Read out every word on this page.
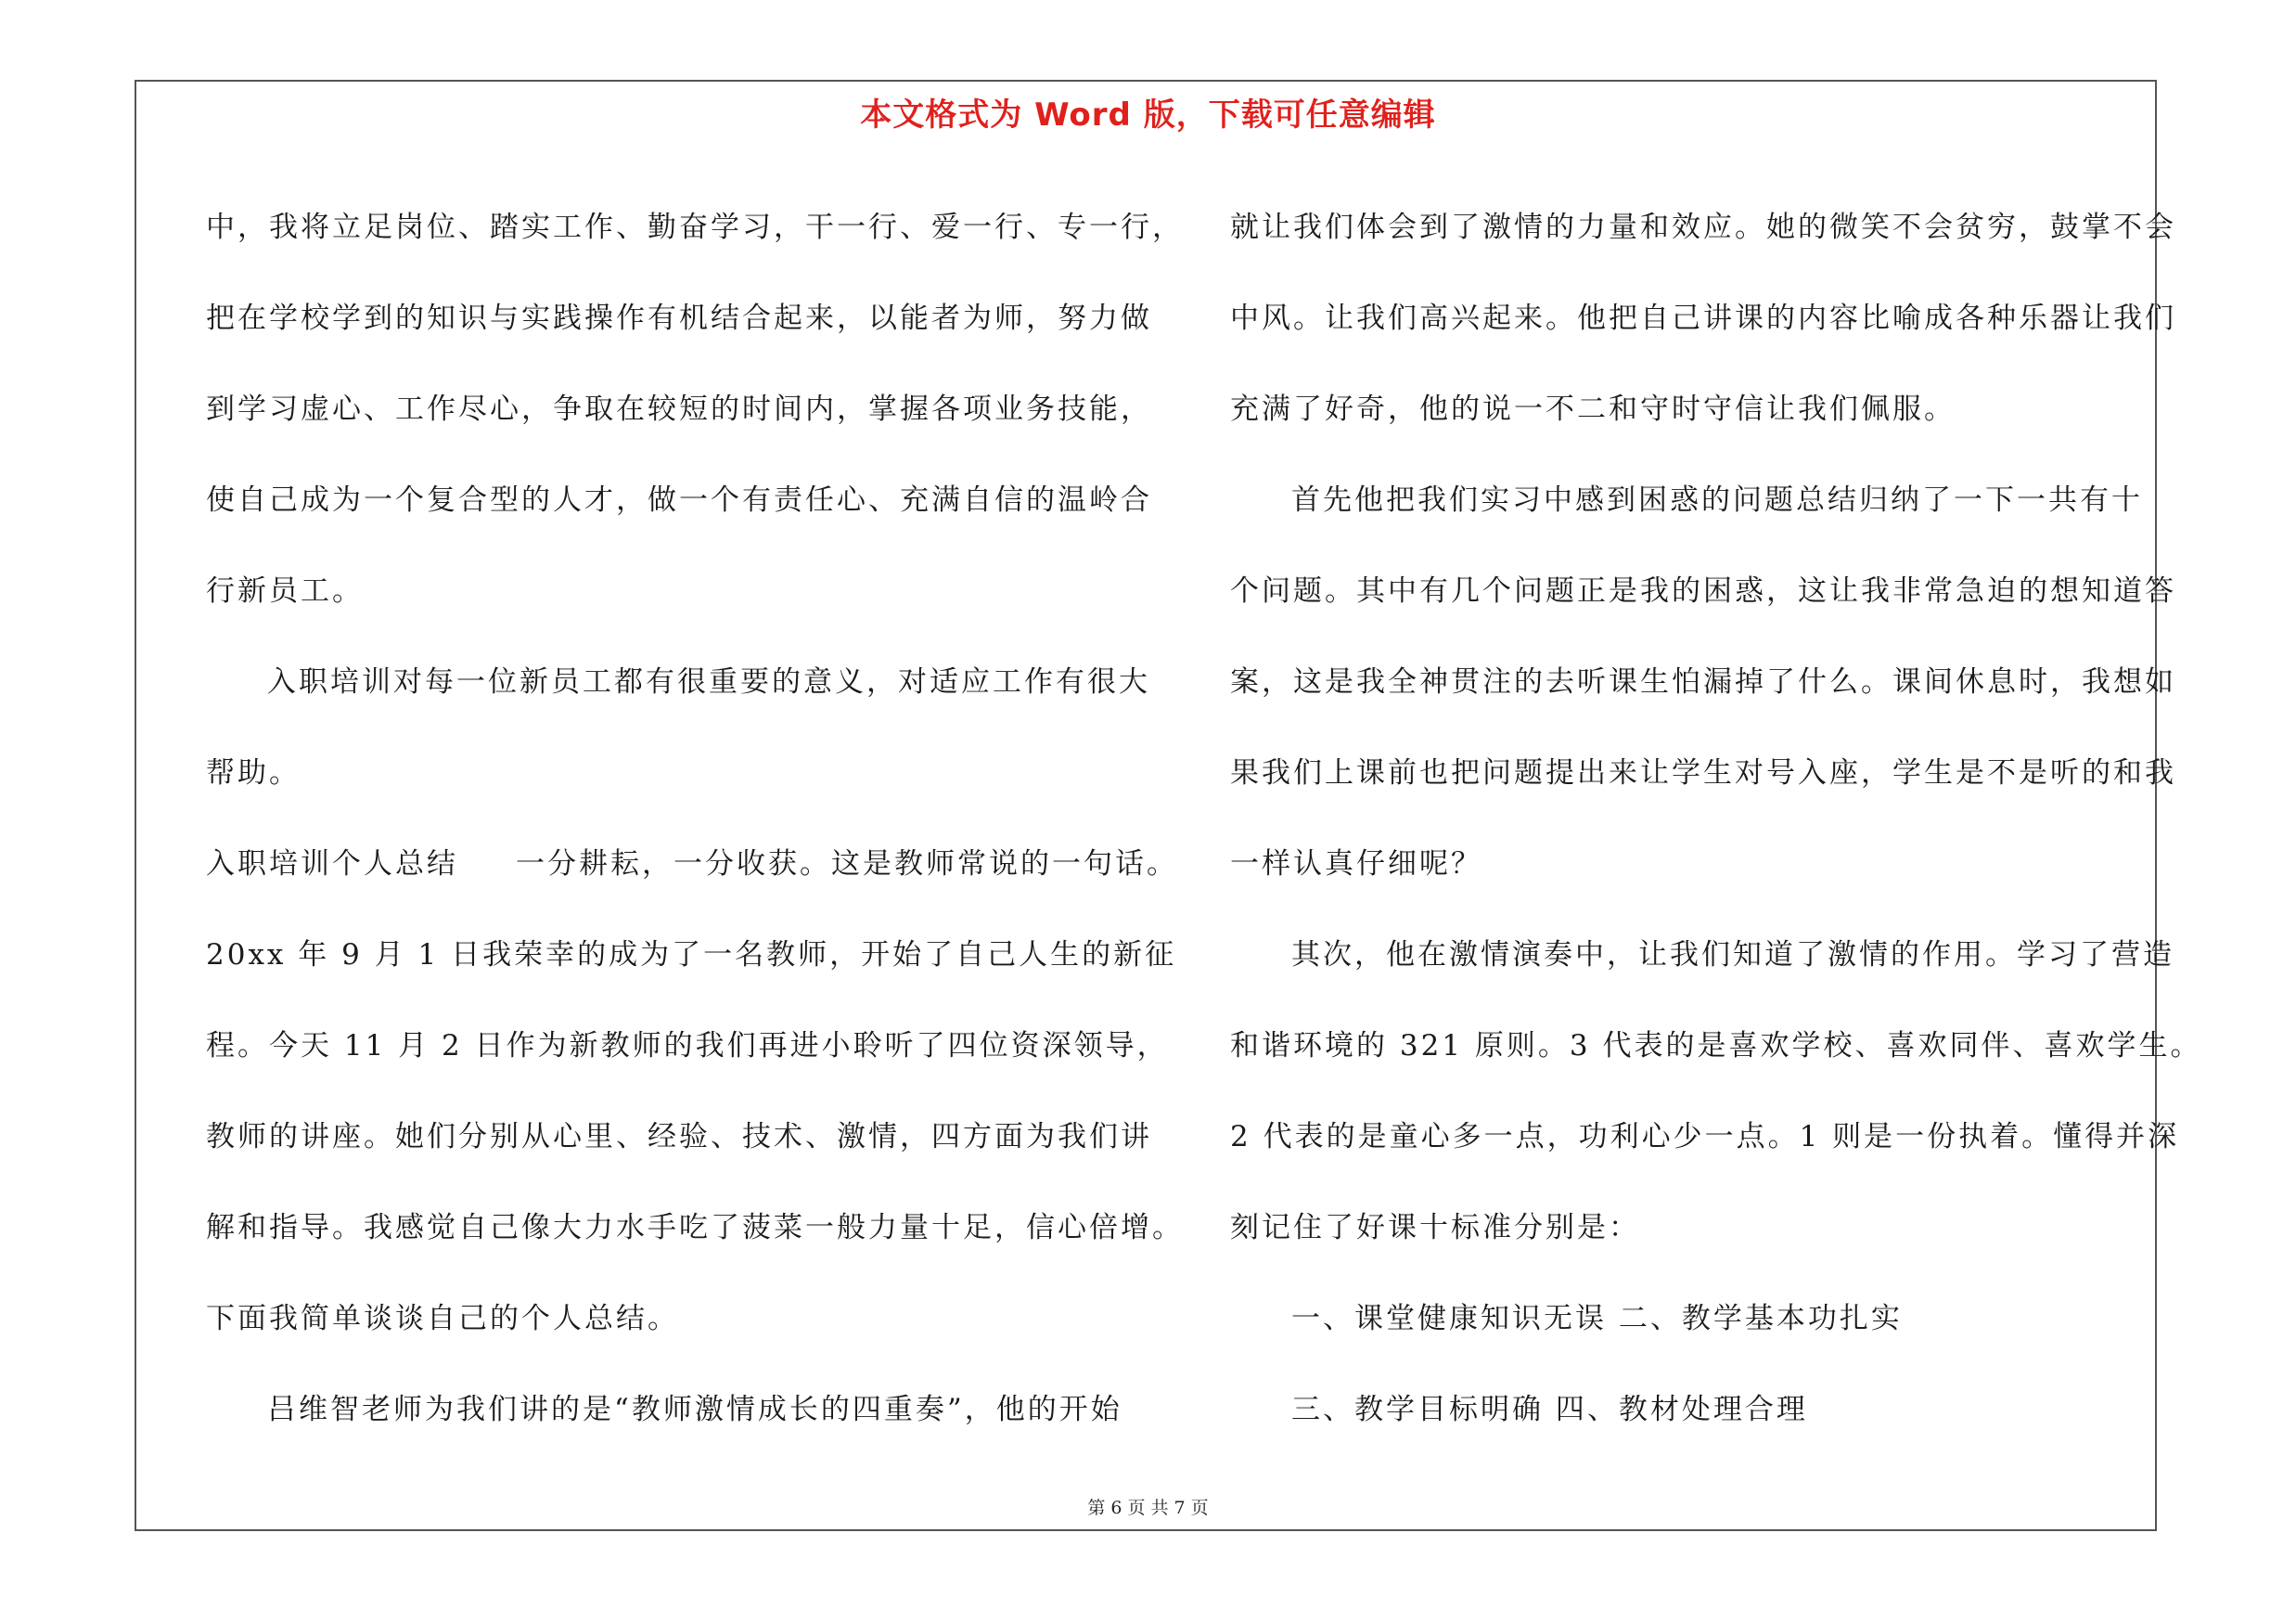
本文格式为 Word 版，下载可任意编辑
中，我将立足岗位、踏实工作、勤奋学习，干一行、爱一行、专一行，
把在学校学到的知识与实践操作有机结合起来，以能者为师，努力做
到学习虚心、工作尽心，争取在较短的时间内，掌握各项业务技能，
使自己成为一个复合型的人才，做一个有责任心、充满自信的温岭合
行新员工。
入职培训对每一位新员工都有很重要的意义，对适应工作有很大
帮助。
入职培训个人总结 一分耕耘，一分收获。这是教师常说的一句话。
20xx 年 9 月 1 日我荣幸的成为了一名教师，开始了自己人生的新征
程。今天 11 月 2 日作为新教师的我们再进小聆听了四位资深领导，
教师的讲座。她们分别从心里、经验、技术、激情，四方面为我们讲
解和指导。我感觉自己像大力水手吃了菠菜一般力量十足，信心倍增。
下面我简单谈谈自己的个人总结。
吕维智老师为我们讲的是“教师激情成长的四重奏”，他的开始
就让我们体会到了激情的力量和效应。她的微笑不会贫穷，鼓掌不会
中风。让我们高兴起来。他把自己讲课的内容比喻成各种乐器让我们
充满了好奇，他的说一不二和守时守信让我们佩服。
首先他把我们实习中感到困惑的问题总结归纳了一下一共有十
个问题。其中有几个问题正是我的困惑，这让我非常急迫的想知道答
案，这是我全神贯注的去听课生怕漏掉了什么。课间休息时，我想如
果我们上课前也把问题提出来让学生对号入座，学生是不是听的和我
一样认真仔细呢？
其次，他在激情演奏中，让我们知道了激情的作用。学习了营造
和谐环境的 321 原则。3 代表的是喜欢学校、喜欢同伴、喜欢学生。
2 代表的是童心多一点，功利心少一点。1 则是一份执着。懂得并深
刻记住了好课十标准分别是：
一、课堂健康知识无误 二、教学基本功扎实
三、教学目标明确 四、教材处理合理
第 6 页 共 7 页
